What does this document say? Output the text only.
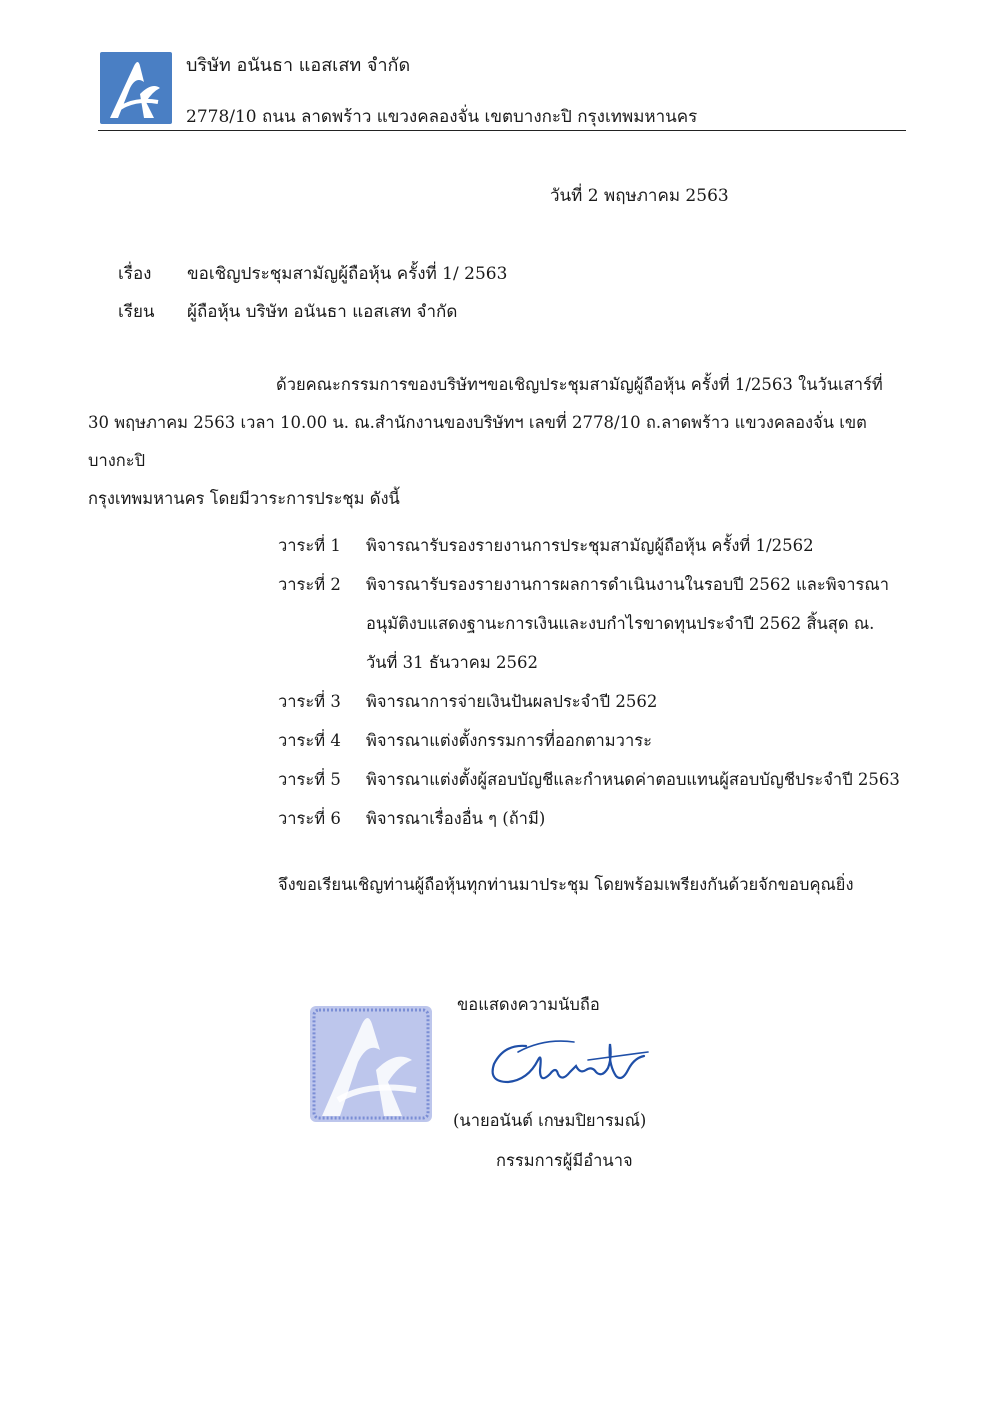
บริษัท อนันธา แอสเสท จำกัด
2778/10 ถนน ลาดพร้าว แขวงคลองจั่น เขตบางกะปิ กรุงเทพมหานคร
วันที่ 2 พฤษภาคม 2563
เรื่อง ขอเชิญประชุมสามัญผู้ถือหุ้น ครั้งที่ 1/ 2563
เรียน ผู้ถือหุ้น บริษัท อนันธา แอสเสท จำกัด
ด้วยคณะกรรมการของบริษัทฯขอเชิญประชุมสามัญผู้ถือหุ้น ครั้งที่ 1/2563 ในวันเสาร์ที่
30 พฤษภาคม 2563 เวลา 10.00 น. ณ.สำนักงานของบริษัทฯ เลขที่ 2778/10 ถ.ลาดพร้าว แขวงคลองจั่น เขตบางกะปิ
กรุงเทพมหานคร โดยมีวาระการประชุม ดังนี้
วาระที่ 1	พิจารณารับรองรายงานการประชุมสามัญผู้ถือหุ้น ครั้งที่ 1/2562
วาระที่ 2	พิจารณารับรองรายงานการผลการดำเนินงานในรอบปี 2562 และพิจารณา
อนุมัติงบแสดงฐานะการเงินและงบกำไรขาดทุนประจำปี 2562 สิ้นสุด ณ.
วันที่ 31 ธันวาคม 2562
วาระที่ 3	พิจารณาการจ่ายเงินปันผลประจำปี 2562
วาระที่ 4	พิจารณาแต่งตั้งกรรมการที่ออกตามวาระ
วาระที่ 5	พิจารณาแต่งตั้งผู้สอบบัญชีและกำหนดค่าตอบแทนผู้สอบบัญชีประจำปี 2563
วาระที่ 6	พิจารณาเรื่องอื่น ๆ (ถ้ามี)
จึงขอเรียนเชิญท่านผู้ถือหุ้นทุกท่านมาประชุม โดยพร้อมเพรียงกันด้วยจักขอบคุณยิ่ง
ขอแสดงความนับถือ
(นายอนันต์ เกษมปิยารมณ์)
กรรมการผู้มีอำนาจ
